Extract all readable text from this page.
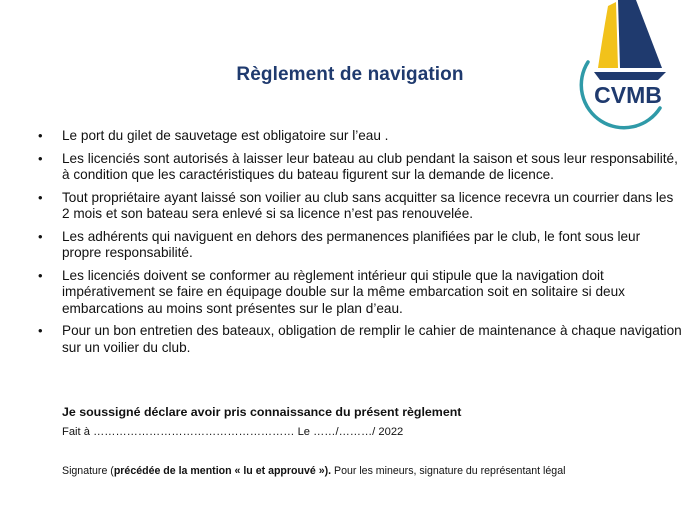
Règlement de navigation
CVMB
• Le port du gilet de sauvetage est obligatoire sur l’eau .
• Les licenciés sont autorisés à laisser leur bateau au club pendant la saison et sous leur responsabilité, à condition que les caractéristiques du bateau figurent sur la demande de licence.
• Tout propriétaire ayant laissé son voilier au club sans acquitter sa licence recevra un courrier dans les 2 mois et son bateau sera enlevé si sa licence n’est pas renouvelée.
• Les adhérents qui naviguent en dehors des permanences planifiées par le club, le font sous leur propre responsabilité.
• Les licenciés doivent se conformer au règlement intérieur qui stipule que la navigation doit impérativement se faire en équipage double sur la même embarcation soit en solitaire si deux embarcations au moins sont présentes sur le plan d’eau.
• Pour un bon entretien des bateaux, obligation de remplir le cahier de maintenance à chaque navigation sur un voilier du club.
Je soussigné déclare avoir pris connaissance du présent règlement
Fait à ……………………………………………… Le ……/………/ 2022
Signature (précédée de la mention « lu et approuvé »). Pour les mineurs, signature du représentant légal
